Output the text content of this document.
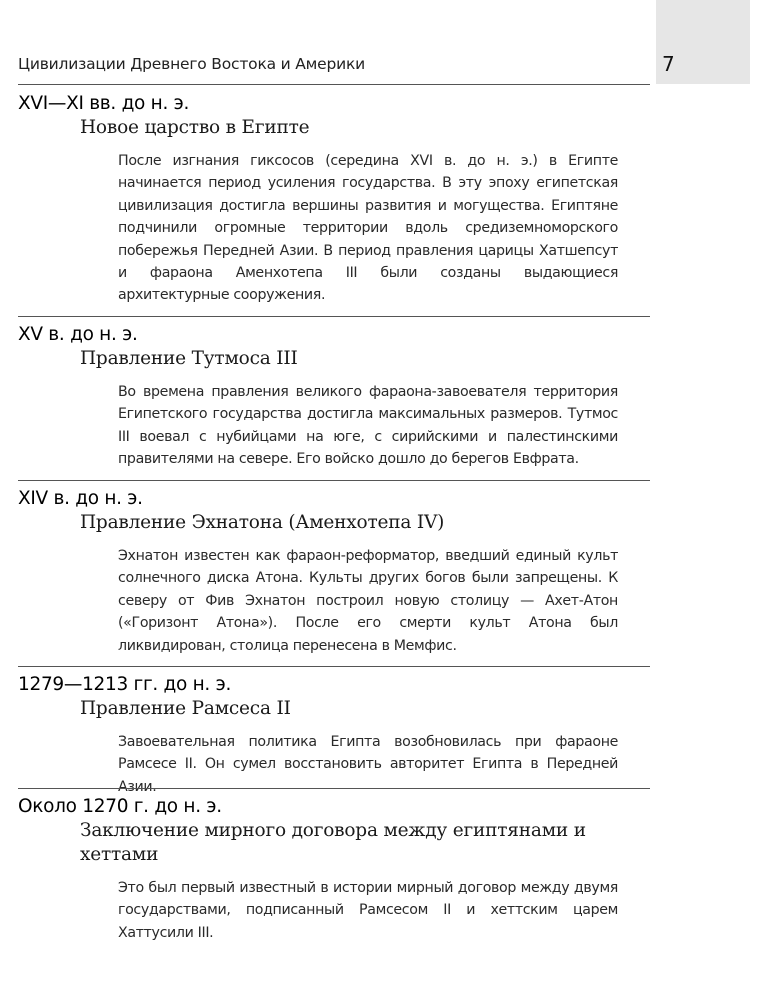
7
Цивилизации Древнего Востока и Америки

XVI—XI вв. до н. э.

Новое царство в Египте

После изгнания гиксосов (середина XVI в. до н. э.) в Египте начинается период усиления государства. В эту эпоху египетская цивилизация достигла вершины развития и могущества. Египтяне подчинили огромные территории вдоль средиземноморского побережья Передней Азии. В период правления царицы Хатшепсут и фараона Аменхотепа III были созданы выдающиеся архитектурные сооружения.

XV в. до н. э.

Правление Тутмоса III

Во времена правления великого фараона-завоевателя территория Египетского государства достигла максимальных размеров. Тутмос III воевал с нубийцами на юге, с сирийскими и палестинскими правителями на севере. Его войско дошло до берегов Евфрата.

XIV в. до н. э.

Правление Эхнатона (Аменхотепа IV)

Эхнатон известен как фараон-реформатор, введший единый культ солнечного диска Атона. Культы других богов были запрещены. К северу от Фив Эхнатон построил новую столицу — Ахет-Атон («Горизонт Атона»). После его смерти культ Атона был ликвидирован, столица перенесена в Мемфис.

1279—1213 гг. до н. э.

Правление Рамсеса II

Завоевательная политика Египта возобновилась при фараоне Рамсесе II. Он сумел восстановить авторитет Египта в Передней Азии.

Около 1270 г. до н. э.

Заключение мирного договора между египтянами и хеттами

Это был первый известный в истории мирный договор между двумя государствами, подписанный Рамсесом II и хеттским царем Хаттусили III.
